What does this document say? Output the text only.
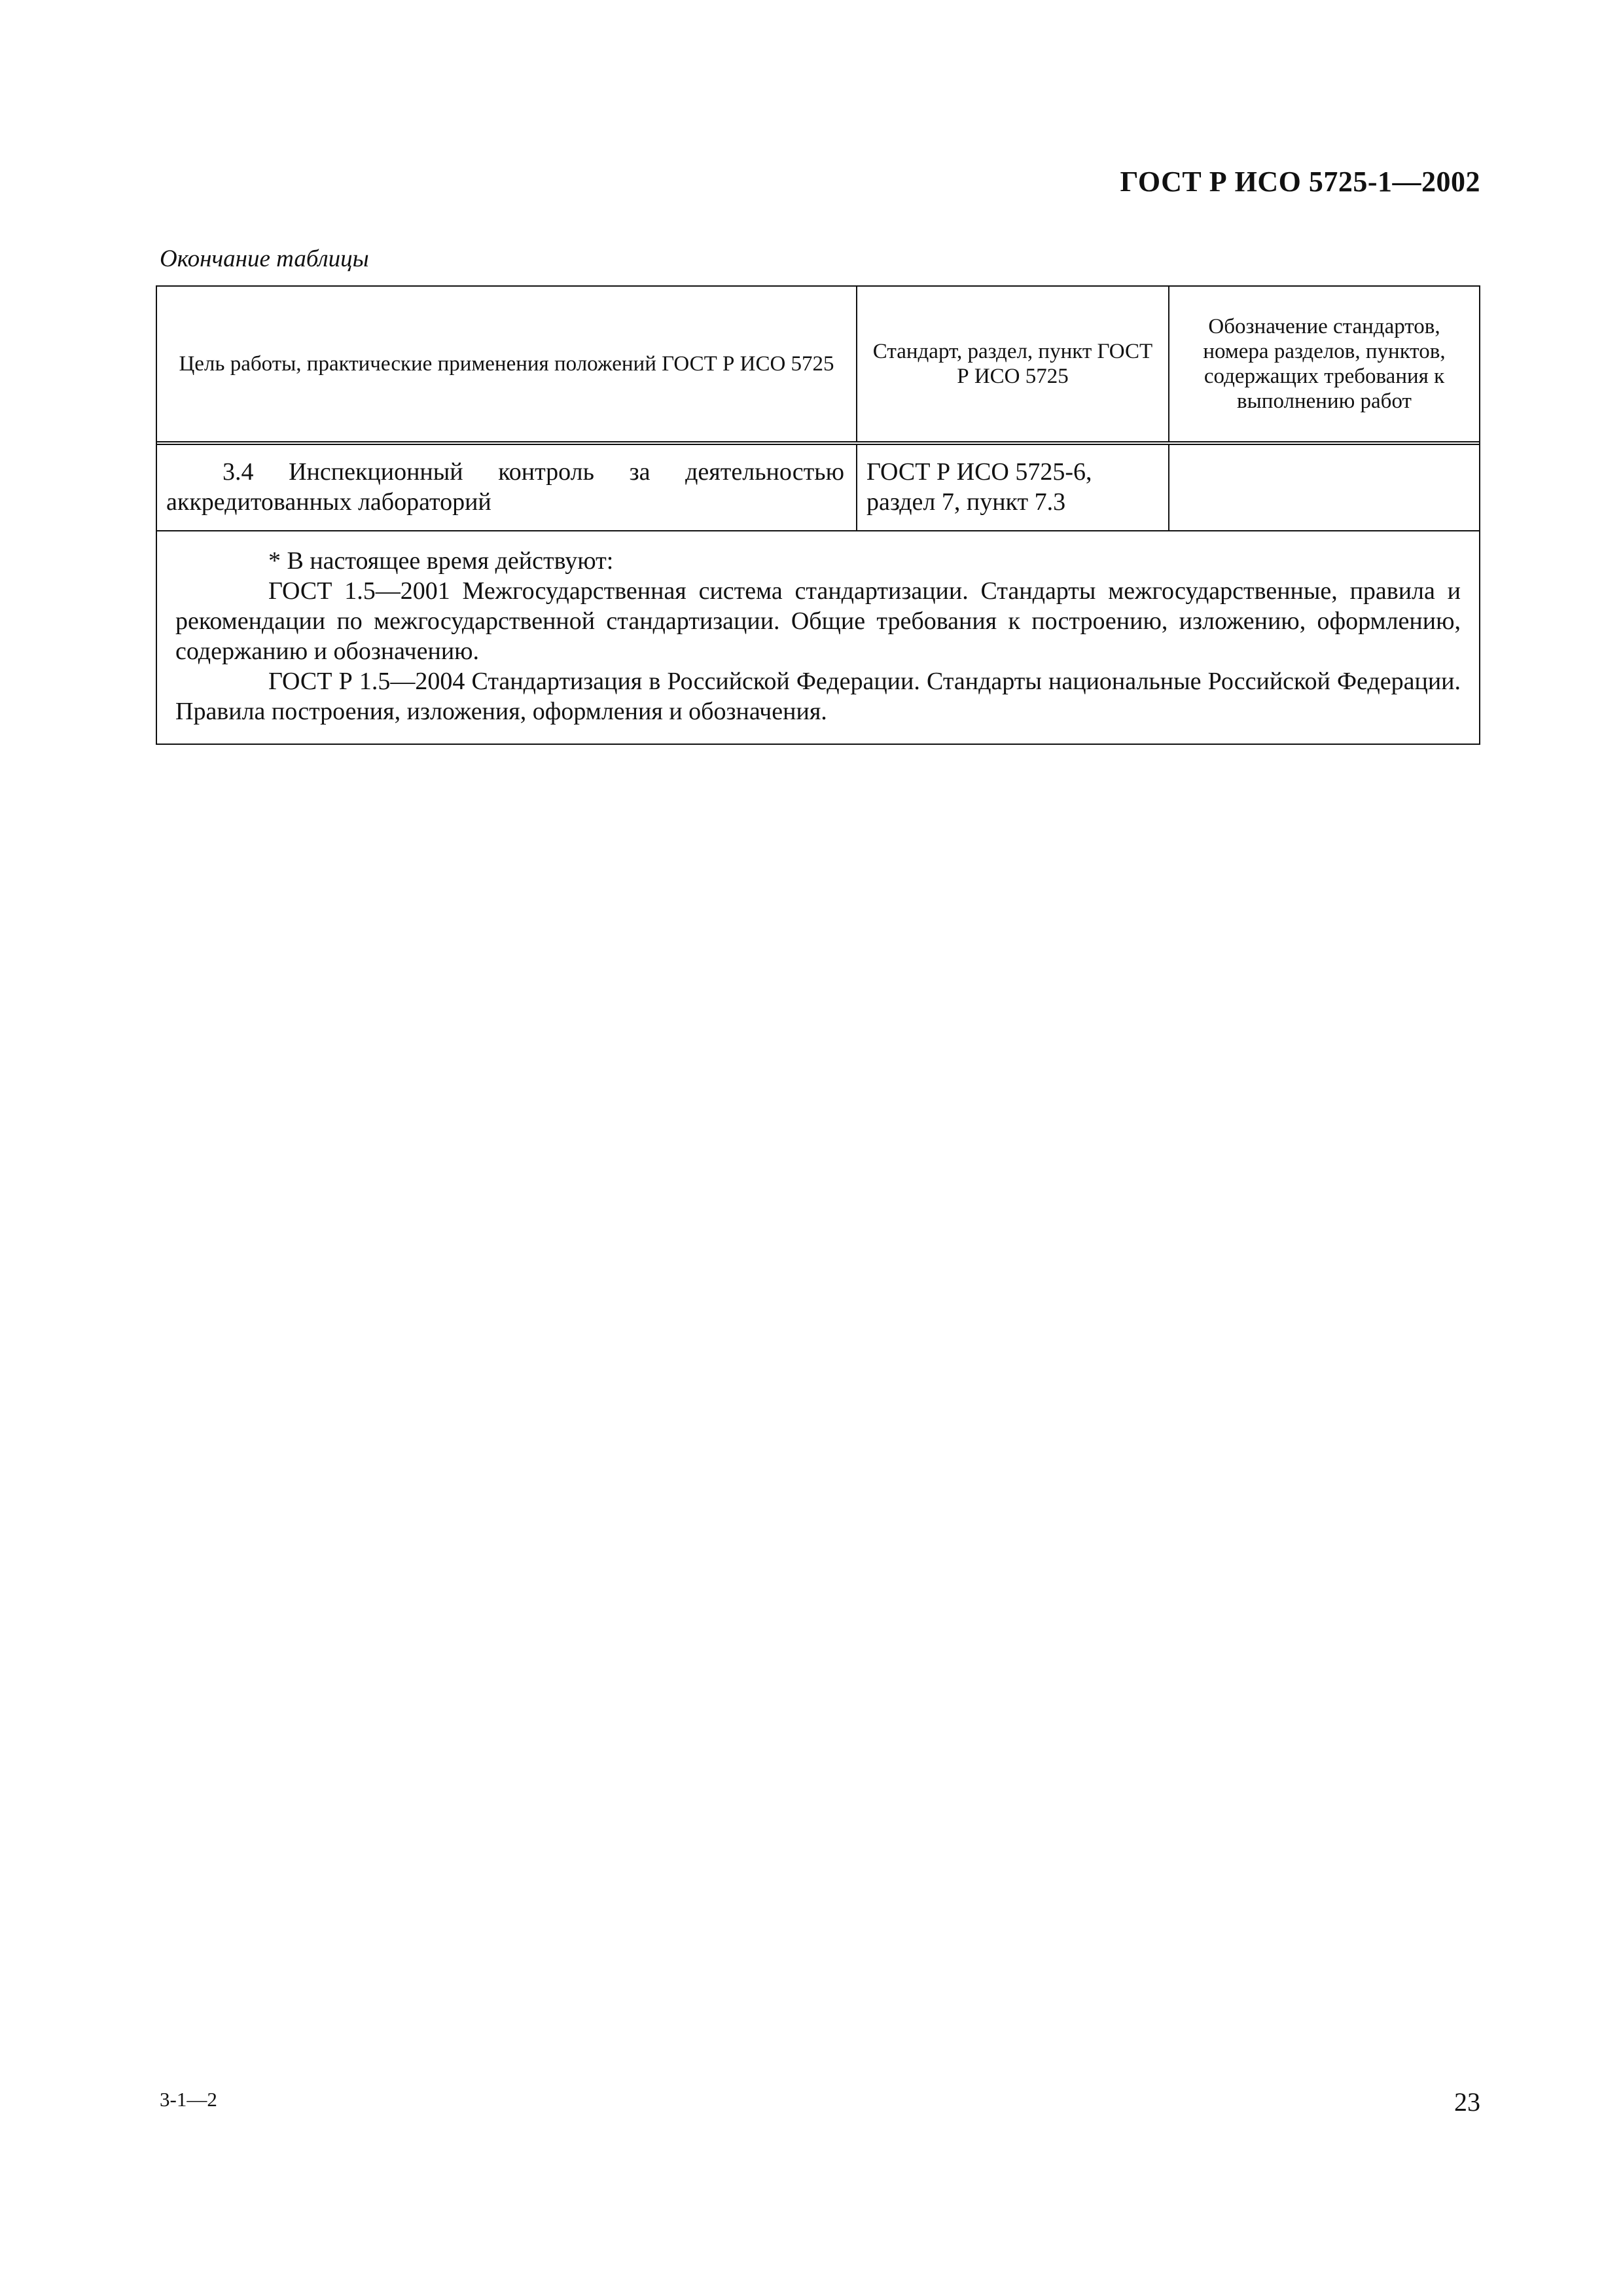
ГОСТ Р ИСО 5725-1—2002
Окончание таблицы
Цель работы, практические применения положений ГОСТ Р ИСО 5725
Стандарт, раздел, пункт ГОСТ Р ИСО 5725
Обозначение стандартов, номера разделов, пунктов, содержащих требования к выполнению работ
3.4 Инспекционный контроль за деятельностью аккредитованных лабораторий
ГОСТ Р ИСО 5725-6, раздел 7, пункт 7.3
* В настоящее время действуют:
ГОСТ 1.5—2001 Межгосударственная система стандартизации. Стандарты межгосударственные, правила и рекомендации по межгосударственной стандартизации. Общие требования к построению, изложению, оформлению, содержанию и обозначению.
ГОСТ Р 1.5—2004 Стандартизация в Российской Федерации. Стандарты национальные Российской Федерации. Правила построения, изложения, оформления и обозначения.
3-1—2	23
